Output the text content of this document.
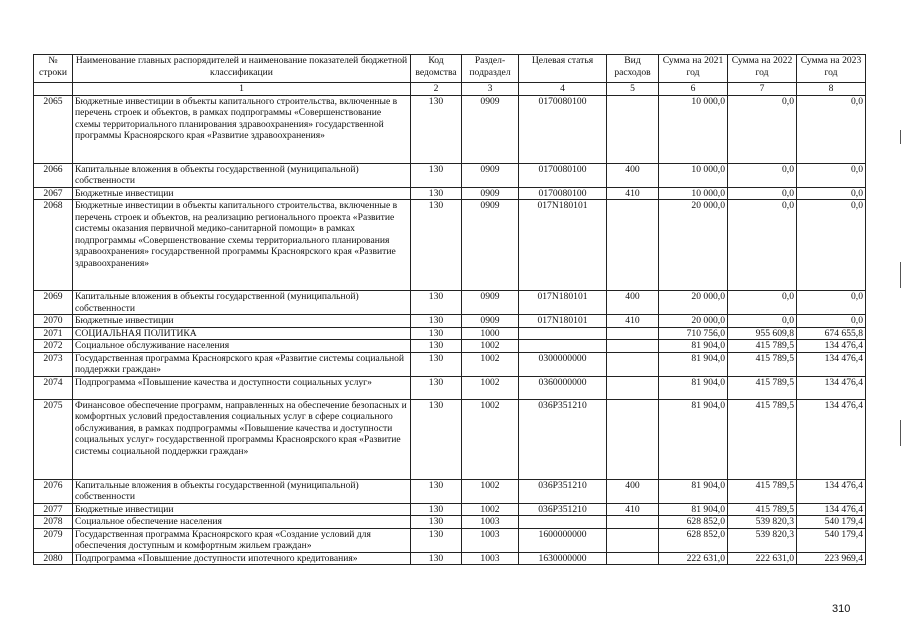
№ строки	Наименование главных распорядителей и наименование показателей бюджетной классификации	Код ведомства	Раздел-подраздел	Целевая статья	Вид расходов	Сумма на 2021 год	Сумма на 2022 год	Сумма на 2023 год
	1	2	3	4	5	6	7	8
2065	Бюджетные инвестиции в объекты капитального строительства, включенные в перечень строек и объектов, в рамках подпрограммы «Совершенствование схемы территориального планирования здравоохранения» государственной программы Красноярского края «Развитие здравоохранения»	130	0909	0170080100		10 000,0	0,0	0,0
2066	Капитальные вложения в объекты государственной (муниципальной) собственности	130	0909	0170080100	400	10 000,0	0,0	0,0
2067	Бюджетные инвестиции	130	0909	0170080100	410	10 000,0	0,0	0,0
2068	Бюджетные инвестиции в объекты капитального строительства, включенные в перечень строек и объектов, на реализацию регионального проекта «Развитие системы оказания первичной медико-санитарной помощи» в рамках подпрограммы «Совершенствование схемы территориального планирования здравоохранения» государственной программы Красноярского края «Развитие здравоохранения»	130	0909	017N180101		20 000,0	0,0	0,0
2069	Капитальные вложения в объекты государственной (муниципальной) собственности	130	0909	017N180101	400	20 000,0	0,0	0,0
2070	Бюджетные инвестиции	130	0909	017N180101	410	20 000,0	0,0	0,0
2071	СОЦИАЛЬНАЯ ПОЛИТИКА	130	1000			710 756,0	955 609,8	674 655,8
2072	Социальное обслуживание населения	130	1002			81 904,0	415 789,5	134 476,4
2073	Государственная программа Красноярского края «Развитие системы социальной поддержки граждан»	130	1002	0300000000		81 904,0	415 789,5	134 476,4
2074	Подпрограмма «Повышение качества и доступности социальных услуг»	130	1002	0360000000		81 904,0	415 789,5	134 476,4
2075	Финансовое обеспечение программ, направленных на обеспечение безопасных и комфортных условий предоставления социальных услуг в сфере социального обслуживания, в рамках подпрограммы «Повышение качества и доступности социальных услуг» государственной программы Красноярского края «Развитие системы социальной поддержки граждан»	130	1002	036P351210		81 904,0	415 789,5	134 476,4
2076	Капитальные вложения в объекты государственной (муниципальной) собственности	130	1002	036P351210	400	81 904,0	415 789,5	134 476,4
2077	Бюджетные инвестиции	130	1002	036P351210	410	81 904,0	415 789,5	134 476,4
2078	Социальное обеспечение населения	130	1003			628 852,0	539 820,3	540 179,4
2079	Государственная программа Красноярского края «Создание условий для обеспечения доступным и комфортным жильем граждан»	130	1003	1600000000		628 852,0	539 820,3	540 179,4
2080	Подпрограмма «Повышение доступности ипотечного кредитования»	130	1003	1630000000		222 631,0	222 631,0	223 969,4
310
